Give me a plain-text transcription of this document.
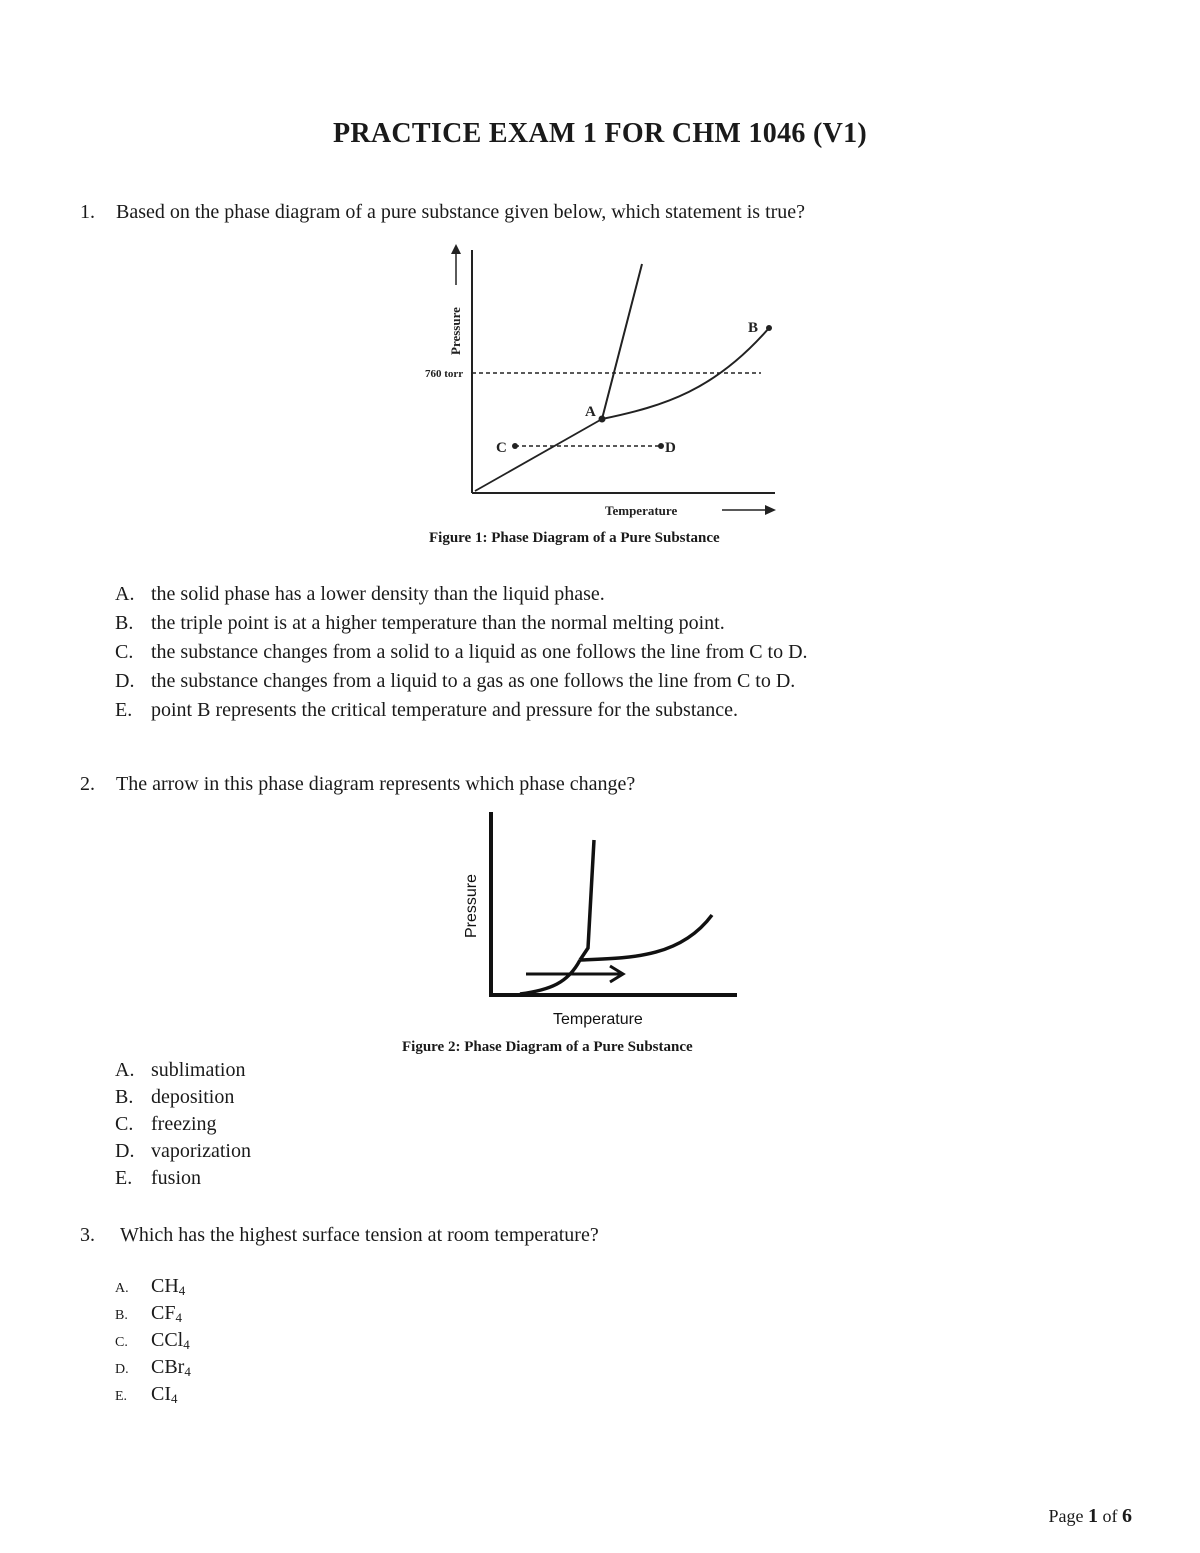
PRACTICE EXAM 1 FOR CHM 1046 (V1)
1. Based on the phase diagram of a pure substance given below, which statement is true?
Pressure
760 torr
A
B
C	D
Temperature
Figure 1: Phase Diagram of a Pure Substance
A. the solid phase has a lower density than the liquid phase.
B. the triple point is at a higher temperature than the normal melting point.
C. the substance changes from a solid to a liquid as one follows the line from C to D.
D. the substance changes from a liquid to a gas as one follows the line from C to D.
E. point B represents the critical temperature and pressure for the substance.
2. The arrow in this phase diagram represents which phase change?
Pressure
Temperature
Figure 2: Phase Diagram of a Pure Substance
A. sublimation
B. deposition
C. freezing
D. vaporization
E. fusion
3. Which has the highest surface tension at room temperature?
A. $CH_4$
B. $CF_4$
C. CCl$_4$
D. CBr$_4$
E. $CI_4$
Page 1 of 6
